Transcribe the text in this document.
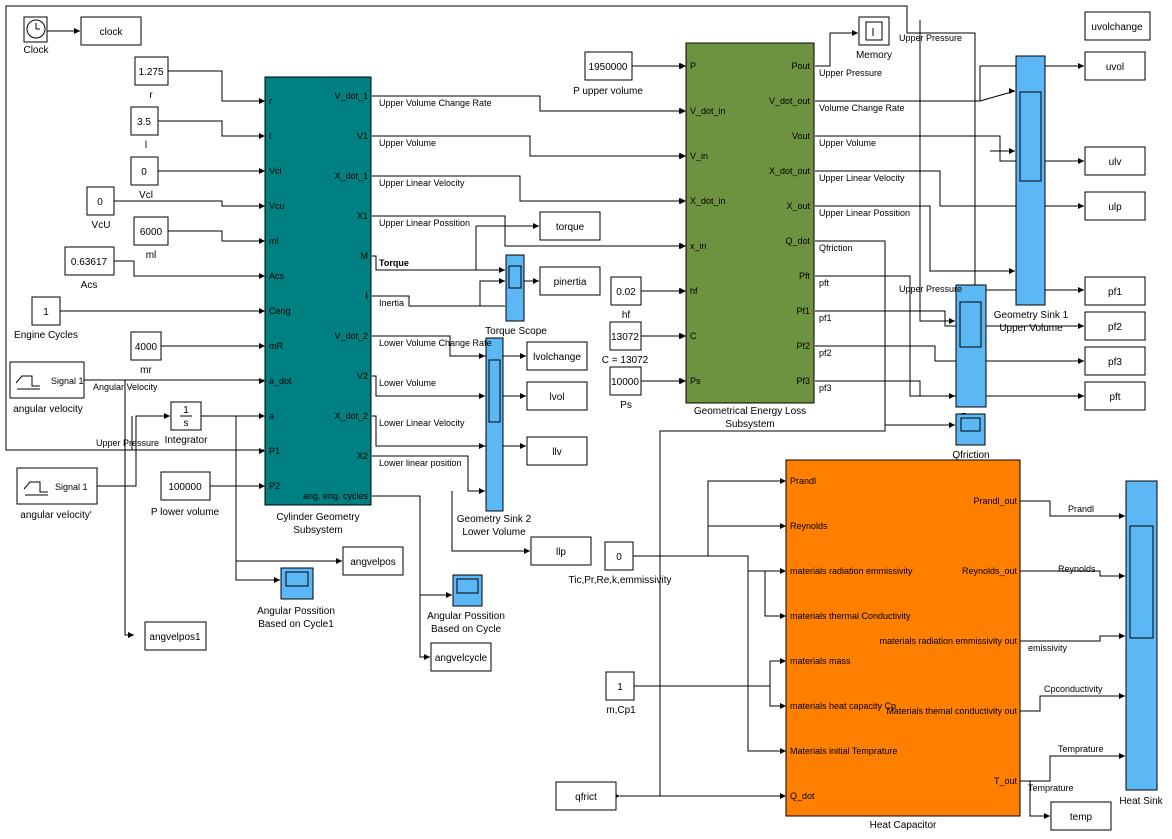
r
l
Vcl
Vcu
ml
Acs
Ceng
mR
a_dot
a
P1
P2
V_dot_1
V1
X_dot_1
X1
M
I
V_dot_2
V2
X_dot_2
X2
ang. eng. cycles
Cylinder Geometry
Subsystem
P
V_dot_in
V_in
X_dot_in
x_in
hf
C
Ps
Pout
V_dot_out
Vout
X_dot_out
X_out
Q_dot
Pft
Pf1
Pf2
Pf3
Geometrical Energy Loss
Subsystem
Prandl
Reynolds
materials radiation emmissivity
materials thermal Conductivity
materials mass
materials heat capacity Cp
Materials initial Temprature
Q_dot
Prandl_out
Reynolds_out
materials radiation emmissivity out
Materials themal conductivity out
T_out
Heat Capacitor
Clock
clock
1.275
r
3.5
l
0
Vcl
0
VcU
6000
ml
0.63617
Acs
1
Engine Cycles
4000
mr
100000
P lower volume
1950000
P upper volume
0.02
hf
13072
C = 13072
10000
Ps
0
Tic,Pr,Re,k,emmissivity
1
m,Cp1
Signal 1
angular velocity
Signal 1
angular velocity'
1
s
Integrator
Memory
torque
pinertia
lvolchange
lvol
llv
llp
angvelpos
angvelpos1
angvelcycle
uvolchange
uvol
ulv
ulp
pf1
pf2
pf3
pft
qfrict
temp
Torque Scope
Geometry Sink 2
Lower Volume
Geometry Sink 1
Upper Volume
Qfriction
Angular Possition
Based on Cycle1
Angular Possition
Based on Cycle
Heat Sink
Upper Volume Change Rate
Upper Volume
Upper Linear Velocity
Upper Linear Possition
Torque
Inertia
Lower Volume Change Rate
Lower Volume
Lower Linear Velocity
Lower linear position
Angular Velocity
Upper Pressure
Upper Pressure
Volume Change Rate
Upper Volume
Upper Linear Velocity
Upper Linear Possition
Qfriction
pft
pf1
pf2
pf3
Upper Pressure
Upper Pressure
Prandl
Reynolds
emissivity
Cpconductivity
Temprature
Temprature
